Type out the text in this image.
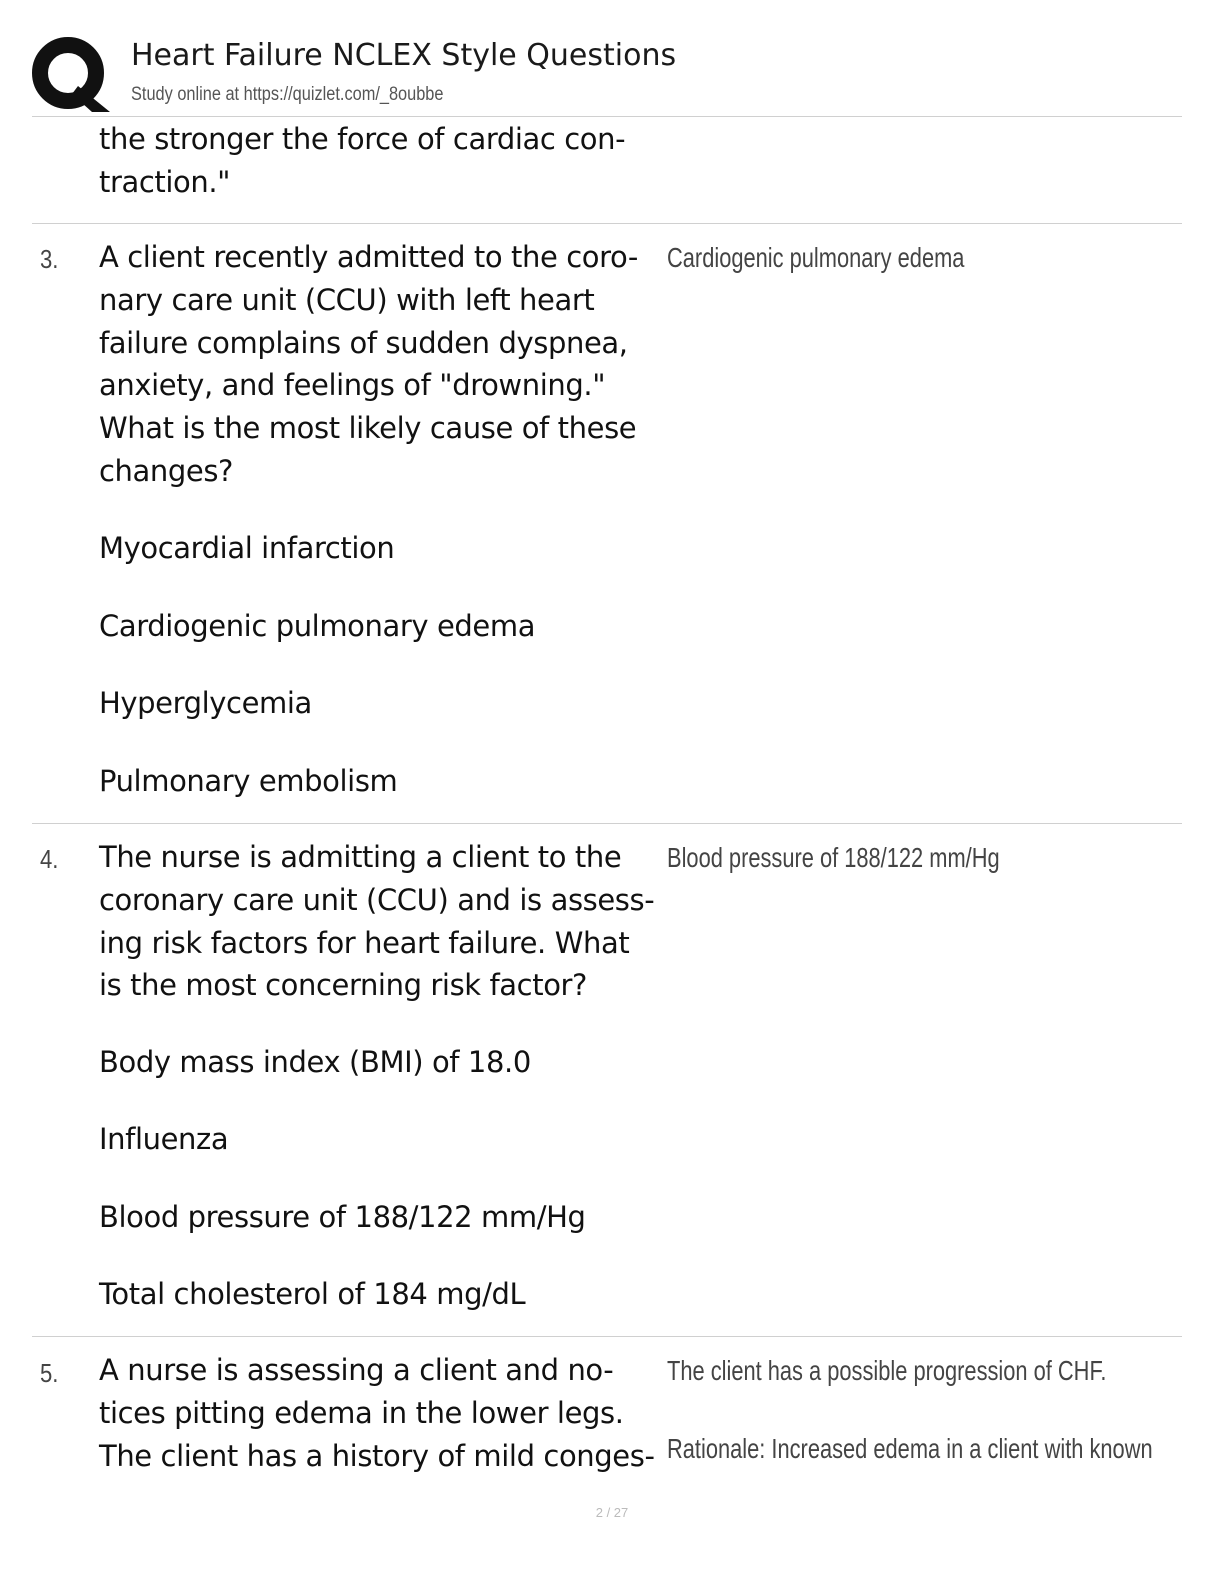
Heart Failure NCLEX Style Questions
Study online at https://quizlet.com/_8oubbe

the stronger the force of cardiac con-
traction."

3. A client recently admitted to the coro-
nary care unit (CCU) with left heart
failure complains of sudden dyspnea,
anxiety, and feelings of "drowning."
What is the most likely cause of these
changes?

Cardiogenic pulmonary edema
Myocardial infarction
Cardiogenic pulmonary edema
Hyperglycemia
Pulmonary embolism
4. The nurse is admitting a client to the
coronary care unit (CCU) and is assess-
ing risk factors for heart failure. What
is the most concerning risk factor?

Blood pressure of 188/122 mm/Hg
Body mass index (BMI) of 18.0
Influenza
Blood pressure of 188/122 mm/Hg
Total cholesterol of 184 mg/dL
5. A nurse is assessing a client and no-
tices pitting edema in the lower legs.
The client has a history of mild conges-

The client has a possible progression of CHF.
Rationale: Increased edema in a client with known
2 / 27
